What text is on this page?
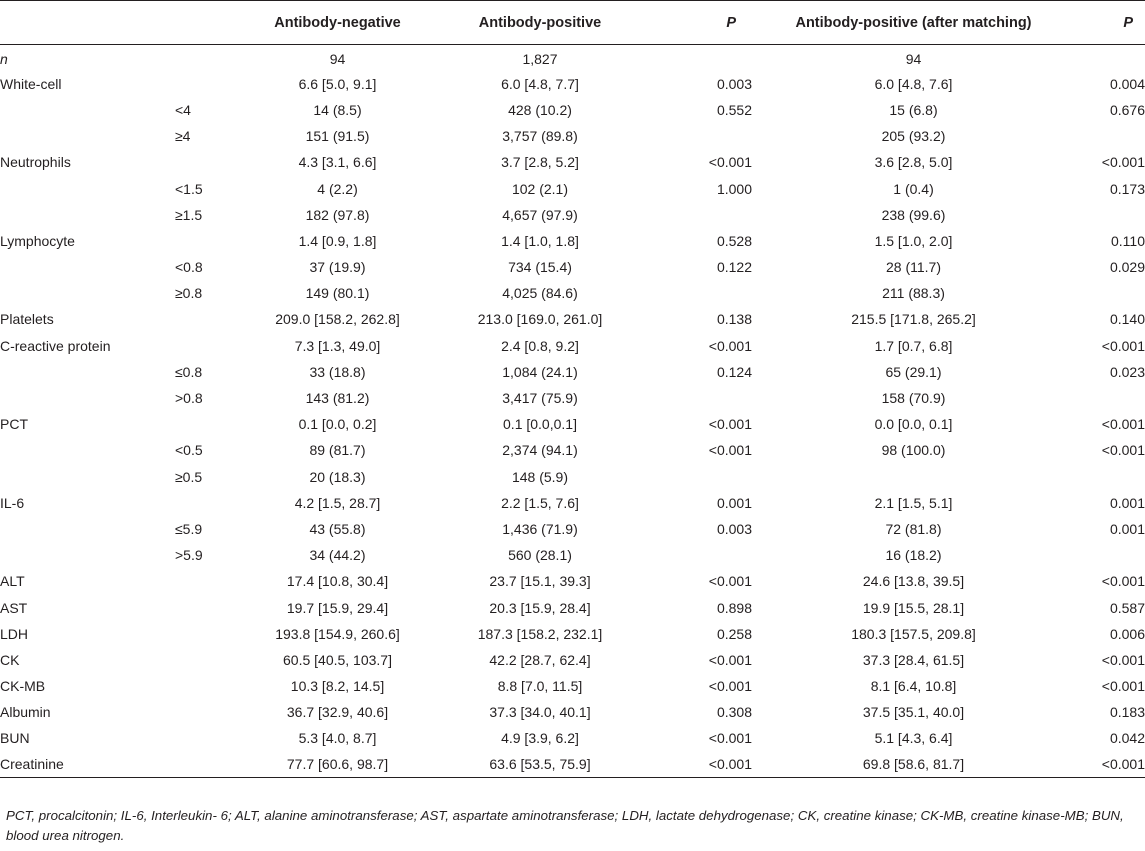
		Antibody-negative	Antibody-positive	P	Antibody-positive (after matching)	P
n		94	1,827		94	
White-cell		6.6 [5.0, 9.1]	6.0 [4.8, 7.7]	0.003	6.0 [4.8, 7.6]	0.004
	<4	14 (8.5)	428 (10.2)	0.552	15 (6.8)	0.676
	≥4	151 (91.5)	3,757 (89.8)		205 (93.2)	
Neutrophils		4.3 [3.1, 6.6]	3.7 [2.8, 5.2]	<0.001	3.6 [2.8, 5.0]	<0.001
	<1.5	4 (2.2)	102 (2.1)	1.000	1 (0.4)	0.173
	≥1.5	182 (97.8)	4,657 (97.9)		238 (99.6)	
Lymphocyte		1.4 [0.9, 1.8]	1.4 [1.0, 1.8]	0.528	1.5 [1.0, 2.0]	0.110
	<0.8	37 (19.9)	734 (15.4)	0.122	28 (11.7)	0.029
	≥0.8	149 (80.1)	4,025 (84.6)		211 (88.3)	
Platelets		209.0 [158.2, 262.8]	213.0 [169.0, 261.0]	0.138	215.5 [171.8, 265.2]	0.140
C-reactive protein		7.3 [1.3, 49.0]	2.4 [0.8, 9.2]	<0.001	1.7 [0.7, 6.8]	<0.001
	≤0.8	33 (18.8)	1,084 (24.1)	0.124	65 (29.1)	0.023
	>0.8	143 (81.2)	3,417 (75.9)		158 (70.9)	
PCT		0.1 [0.0, 0.2]	0.1 [0.0,0.1]	<0.001	0.0 [0.0, 0.1]	<0.001
	<0.5	89 (81.7)	2,374 (94.1)	<0.001	98 (100.0)	<0.001
	≥0.5	20 (18.3)	148 (5.9)			
IL-6		4.2 [1.5, 28.7]	2.2 [1.5, 7.6]	0.001	2.1 [1.5, 5.1]	0.001
	≤5.9	43 (55.8)	1,436 (71.9)	0.003	72 (81.8)	0.001
	>5.9	34 (44.2)	560 (28.1)		16 (18.2)	
ALT		17.4 [10.8, 30.4]	23.7 [15.1, 39.3]	<0.001	24.6 [13.8, 39.5]	<0.001
AST		19.7 [15.9, 29.4]	20.3 [15.9, 28.4]	0.898	19.9 [15.5, 28.1]	0.587
LDH		193.8 [154.9, 260.6]	187.3 [158.2, 232.1]	0.258	180.3 [157.5, 209.8]	0.006
CK		60.5 [40.5, 103.7]	42.2 [28.7, 62.4]	<0.001	37.3 [28.4, 61.5]	<0.001
CK-MB		10.3 [8.2, 14.5]	8.8 [7.0, 11.5]	<0.001	8.1 [6.4, 10.8]	<0.001
Albumin		36.7 [32.9, 40.6]	37.3 [34.0, 40.1]	0.308	37.5 [35.1, 40.0]	0.183
BUN		5.3 [4.0, 8.7]	4.9 [3.9, 6.2]	<0.001	5.1 [4.3, 6.4]	0.042
Creatinine		77.7 [60.6, 98.7]	63.6 [53.5, 75.9]	<0.001	69.8 [58.6, 81.7]	<0.001
PCT, procalcitonin; IL-6, Interleukin- 6; ALT, alanine aminotransferase; AST, aspartate aminotransferase; LDH, lactate dehydrogenase; CK, creatine kinase; CK-MB, creatine kinase-MB; BUN, blood urea nitrogen.
